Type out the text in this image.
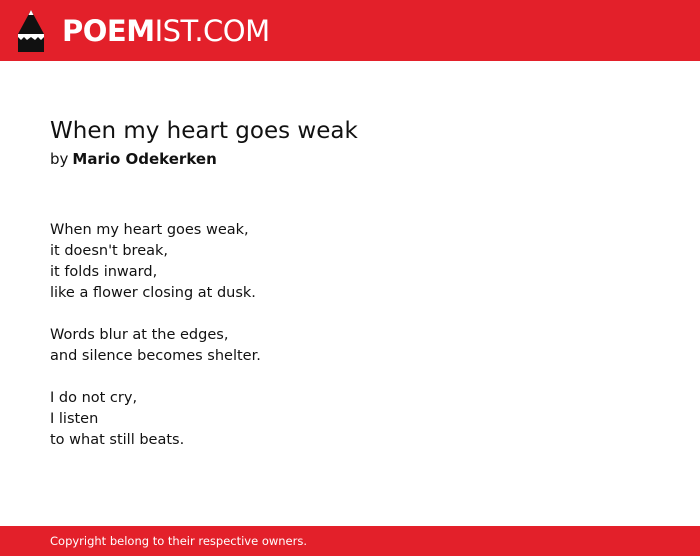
POEMIST.COM
When my heart goes weak
by Mario Odekerken
When my heart goes weak,
it doesn't break,
it folds inward,
like a flower closing at dusk.
Words blur at the edges,
and silence becomes shelter.
I do not cry,
I listen
to what still beats.
Copyright belong to their respective owners.
